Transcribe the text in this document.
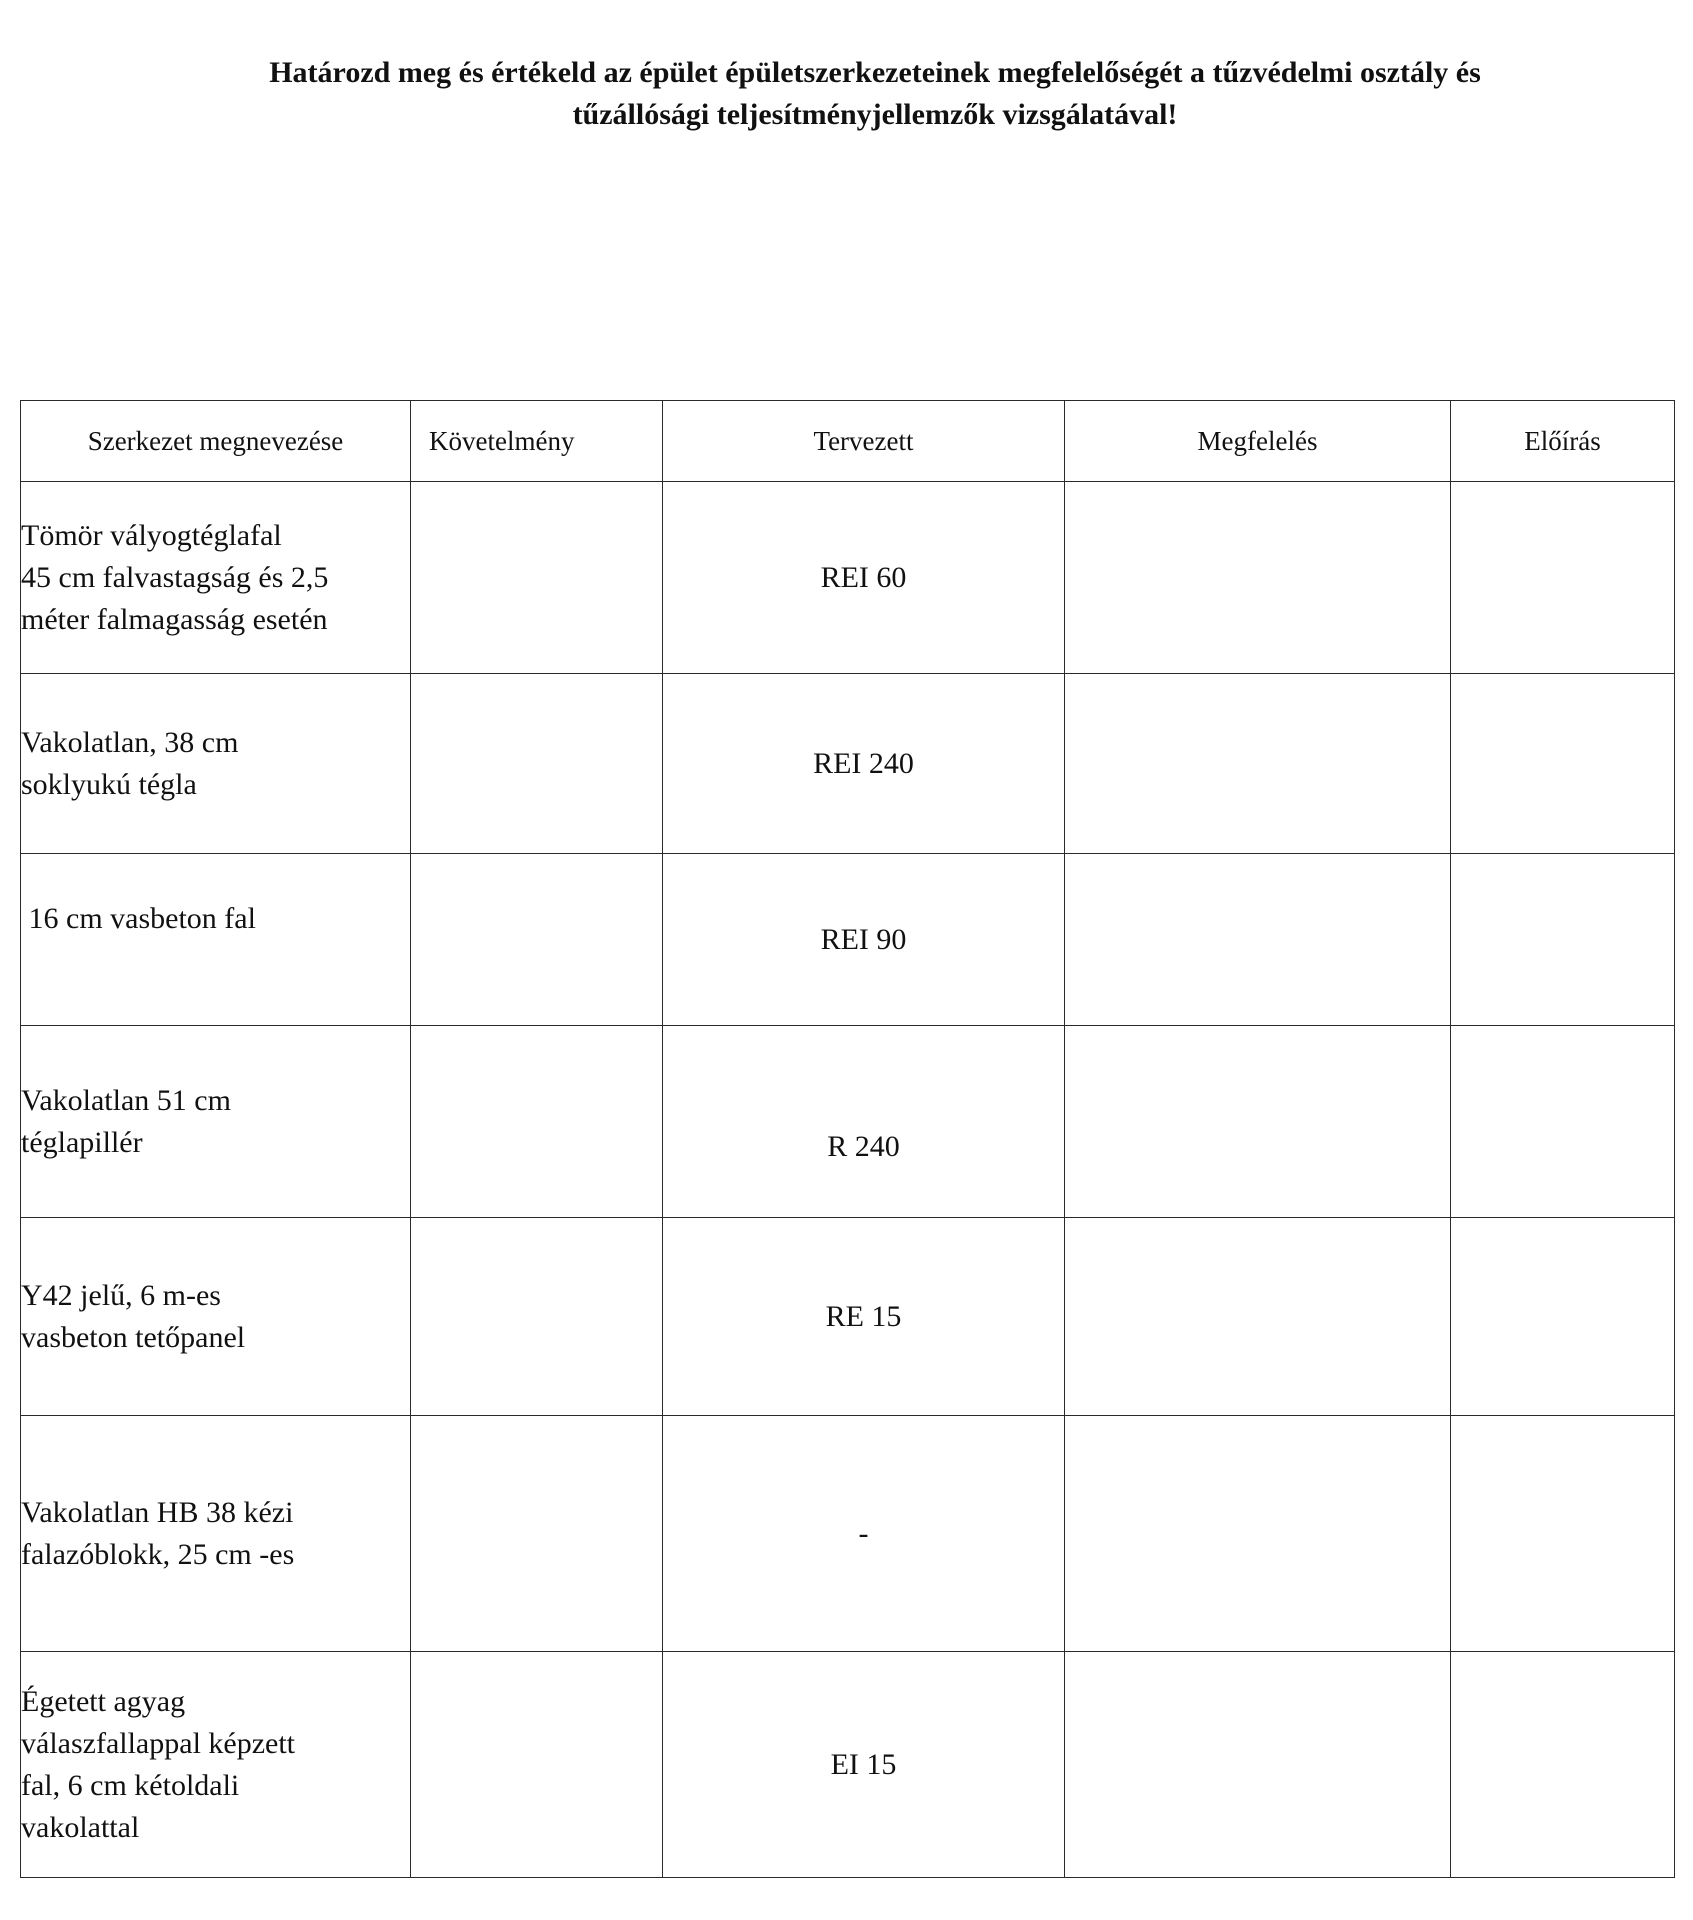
Határozd meg és értékeld az épület épületszerkezeteinek megfelelőségét a tűzvédelmi osztály és
tűzállósági teljesítményjellemzők vizsgálatával!
Szerkezet megnevezése	Követelmény	Tervezett	Megfelelés	Előírás

Tömör vályogtéglafal
45 cm falvastagság és 2,5
méter falmagasság esetén		REI 60		

Vakolatlan, 38 cm
soklyukú tégla		REI 240		

16 cm vasbeton fal		REI 90		

Vakolatlan 51 cm
téglapillér		R 240		

Y42 jelű, 6 m-es
vasbeton tetőpanel		RE 15		

Vakolatlan HB 38 kézi
falazóblokk, 25 cm -es		-		

Égetett agyag
válaszfallappal képzett
fal, 6 cm kétoldali
vakolattal		EI 15		
